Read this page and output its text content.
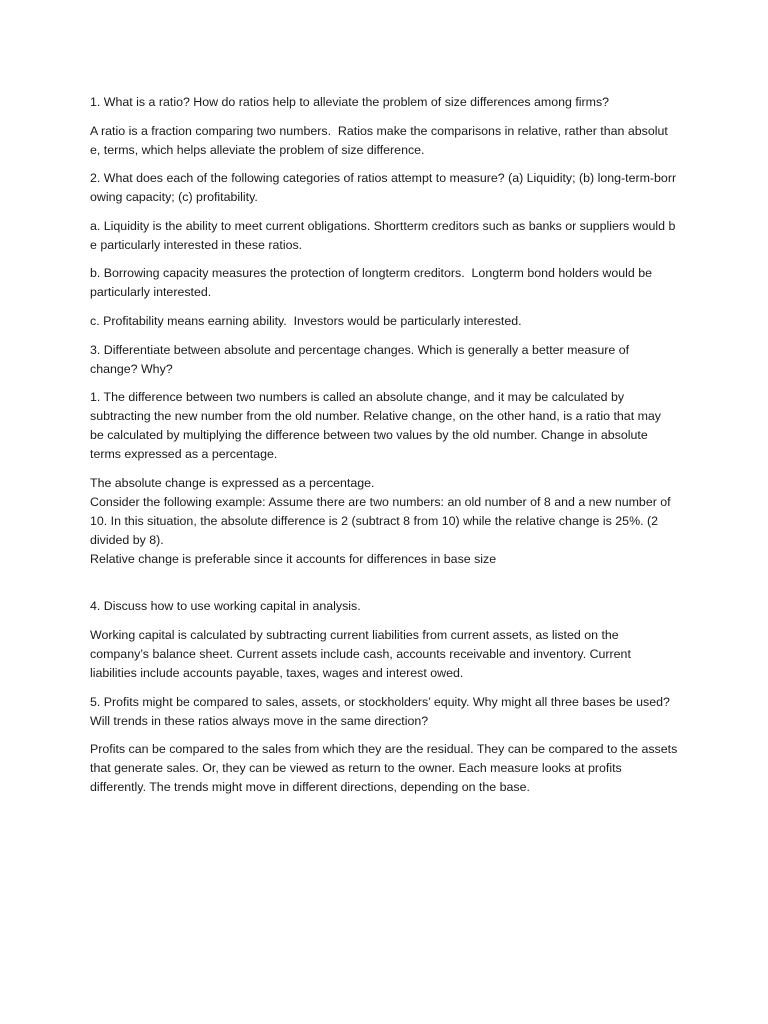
1. What is a ratio? How do ratios help to alleviate the problem of size differences among firms?

A ratio is a fraction comparing two numbers.  Ratios make the comparisons in relative, rather than absolute, terms, which helps alleviate the problem of size difference.

2. What does each of the following categories of ratios attempt to measure? (a) Liquidity; (b) long-term-borrowing capacity; (c) profitability.

a. Liquidity is the ability to meet current obligations. Shortterm creditors such as banks or suppliers would be particularly interested in these ratios.

b. Borrowing capacity measures the protection of longterm creditors.  Longterm bond holders would be particularly interested.

c. Profitability means earning ability.  Investors would be particularly interested.

3. Differentiate between absolute and percentage changes. Which is generally a better measure of change? Why?

1. The difference between two numbers is called an absolute change, and it may be calculated by subtracting the new number from the old number. Relative change, on the other hand, is a ratio that may be calculated by multiplying the difference between two values by the old number. Change in absolute terms expressed as a percentage.

The absolute change is expressed as a percentage.
Consider the following example: Assume there are two numbers: an old number of 8 and a new number of 10. In this situation, the absolute difference is 2 (subtract 8 from 10) while the relative change is 25%. (2 divided by 8).
Relative change is preferable since it accounts for differences in base size

4. Discuss how to use working capital in analysis.

Working capital is calculated by subtracting current liabilities from current assets, as listed on the company’s balance sheet. Current assets include cash, accounts receivable and inventory. Current liabilities include accounts payable, taxes, wages and interest owed.

5. Profits might be compared to sales, assets, or stockholders’ equity. Why might all three bases be used? Will trends in these ratios always move in the same direction?

Profits can be compared to the sales from which they are the residual. They can be compared to the assets that generate sales. Or, they can be viewed as return to the owner. Each measure looks at profits differently. The trends might move in different directions, depending on the base.
